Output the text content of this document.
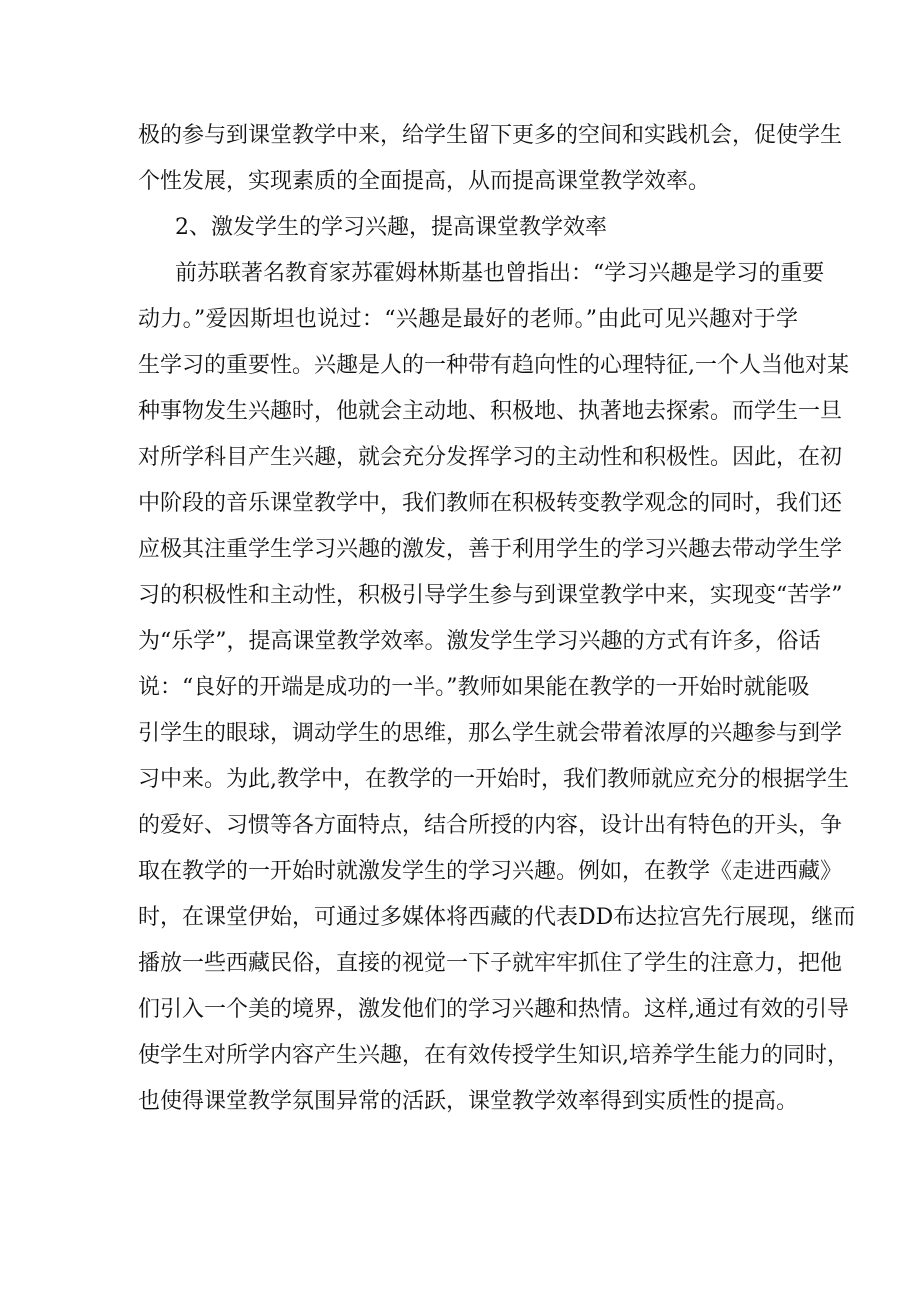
极的参与到课堂教学中来，给学生留下更多的空间和实践机会，促使学生
个性发展，实现素质的全面提高，从而提高课堂教学效率。
2、激发学生的学习兴趣，提高课堂教学效率
前苏联著名教育家苏霍姆林斯基也曾指出：“学习兴趣是学习的重要
动力。”爱因斯坦也说过：“兴趣是最好的老师。”由此可见兴趣对于学
生学习的重要性。兴趣是人的一种带有趋向性的心理特征,一个人当他对某
种事物发生兴趣时，他就会主动地、积极地、执著地去探索。而学生一旦
对所学科目产生兴趣，就会充分发挥学习的主动性和积极性。因此，在初
中阶段的音乐课堂教学中，我们教师在积极转变教学观念的同时，我们还
应极其注重学生学习兴趣的激发，善于利用学生的学习兴趣去带动学生学
习的积极性和主动性，积极引导学生参与到课堂教学中来，实现变“苦学”
为“乐学”，提高课堂教学效率。激发学生学习兴趣的方式有许多，俗话
说：“良好的开端是成功的一半。”教师如果能在教学的一开始时就能吸
引学生的眼球，调动学生的思维，那么学生就会带着浓厚的兴趣参与到学
习中来。为此,教学中，在教学的一开始时，我们教师就应充分的根据学生
的爱好、习惯等各方面特点，结合所授的内容，设计出有特色的开头，争
取在教学的一开始时就激发学生的学习兴趣。例如，在教学《走进西藏》
时，在课堂伊始，可通过多媒体将西藏的代表DD布达拉宫先行展现，继而
播放一些西藏民俗，直接的视觉一下子就牢牢抓住了学生的注意力，把他
们引入一个美的境界，激发他们的学习兴趣和热情。这样,通过有效的引导
使学生对所学内容产生兴趣，在有效传授学生知识,培养学生能力的同时，
也使得课堂教学氛围异常的活跃，课堂教学效率得到实质性的提高。
